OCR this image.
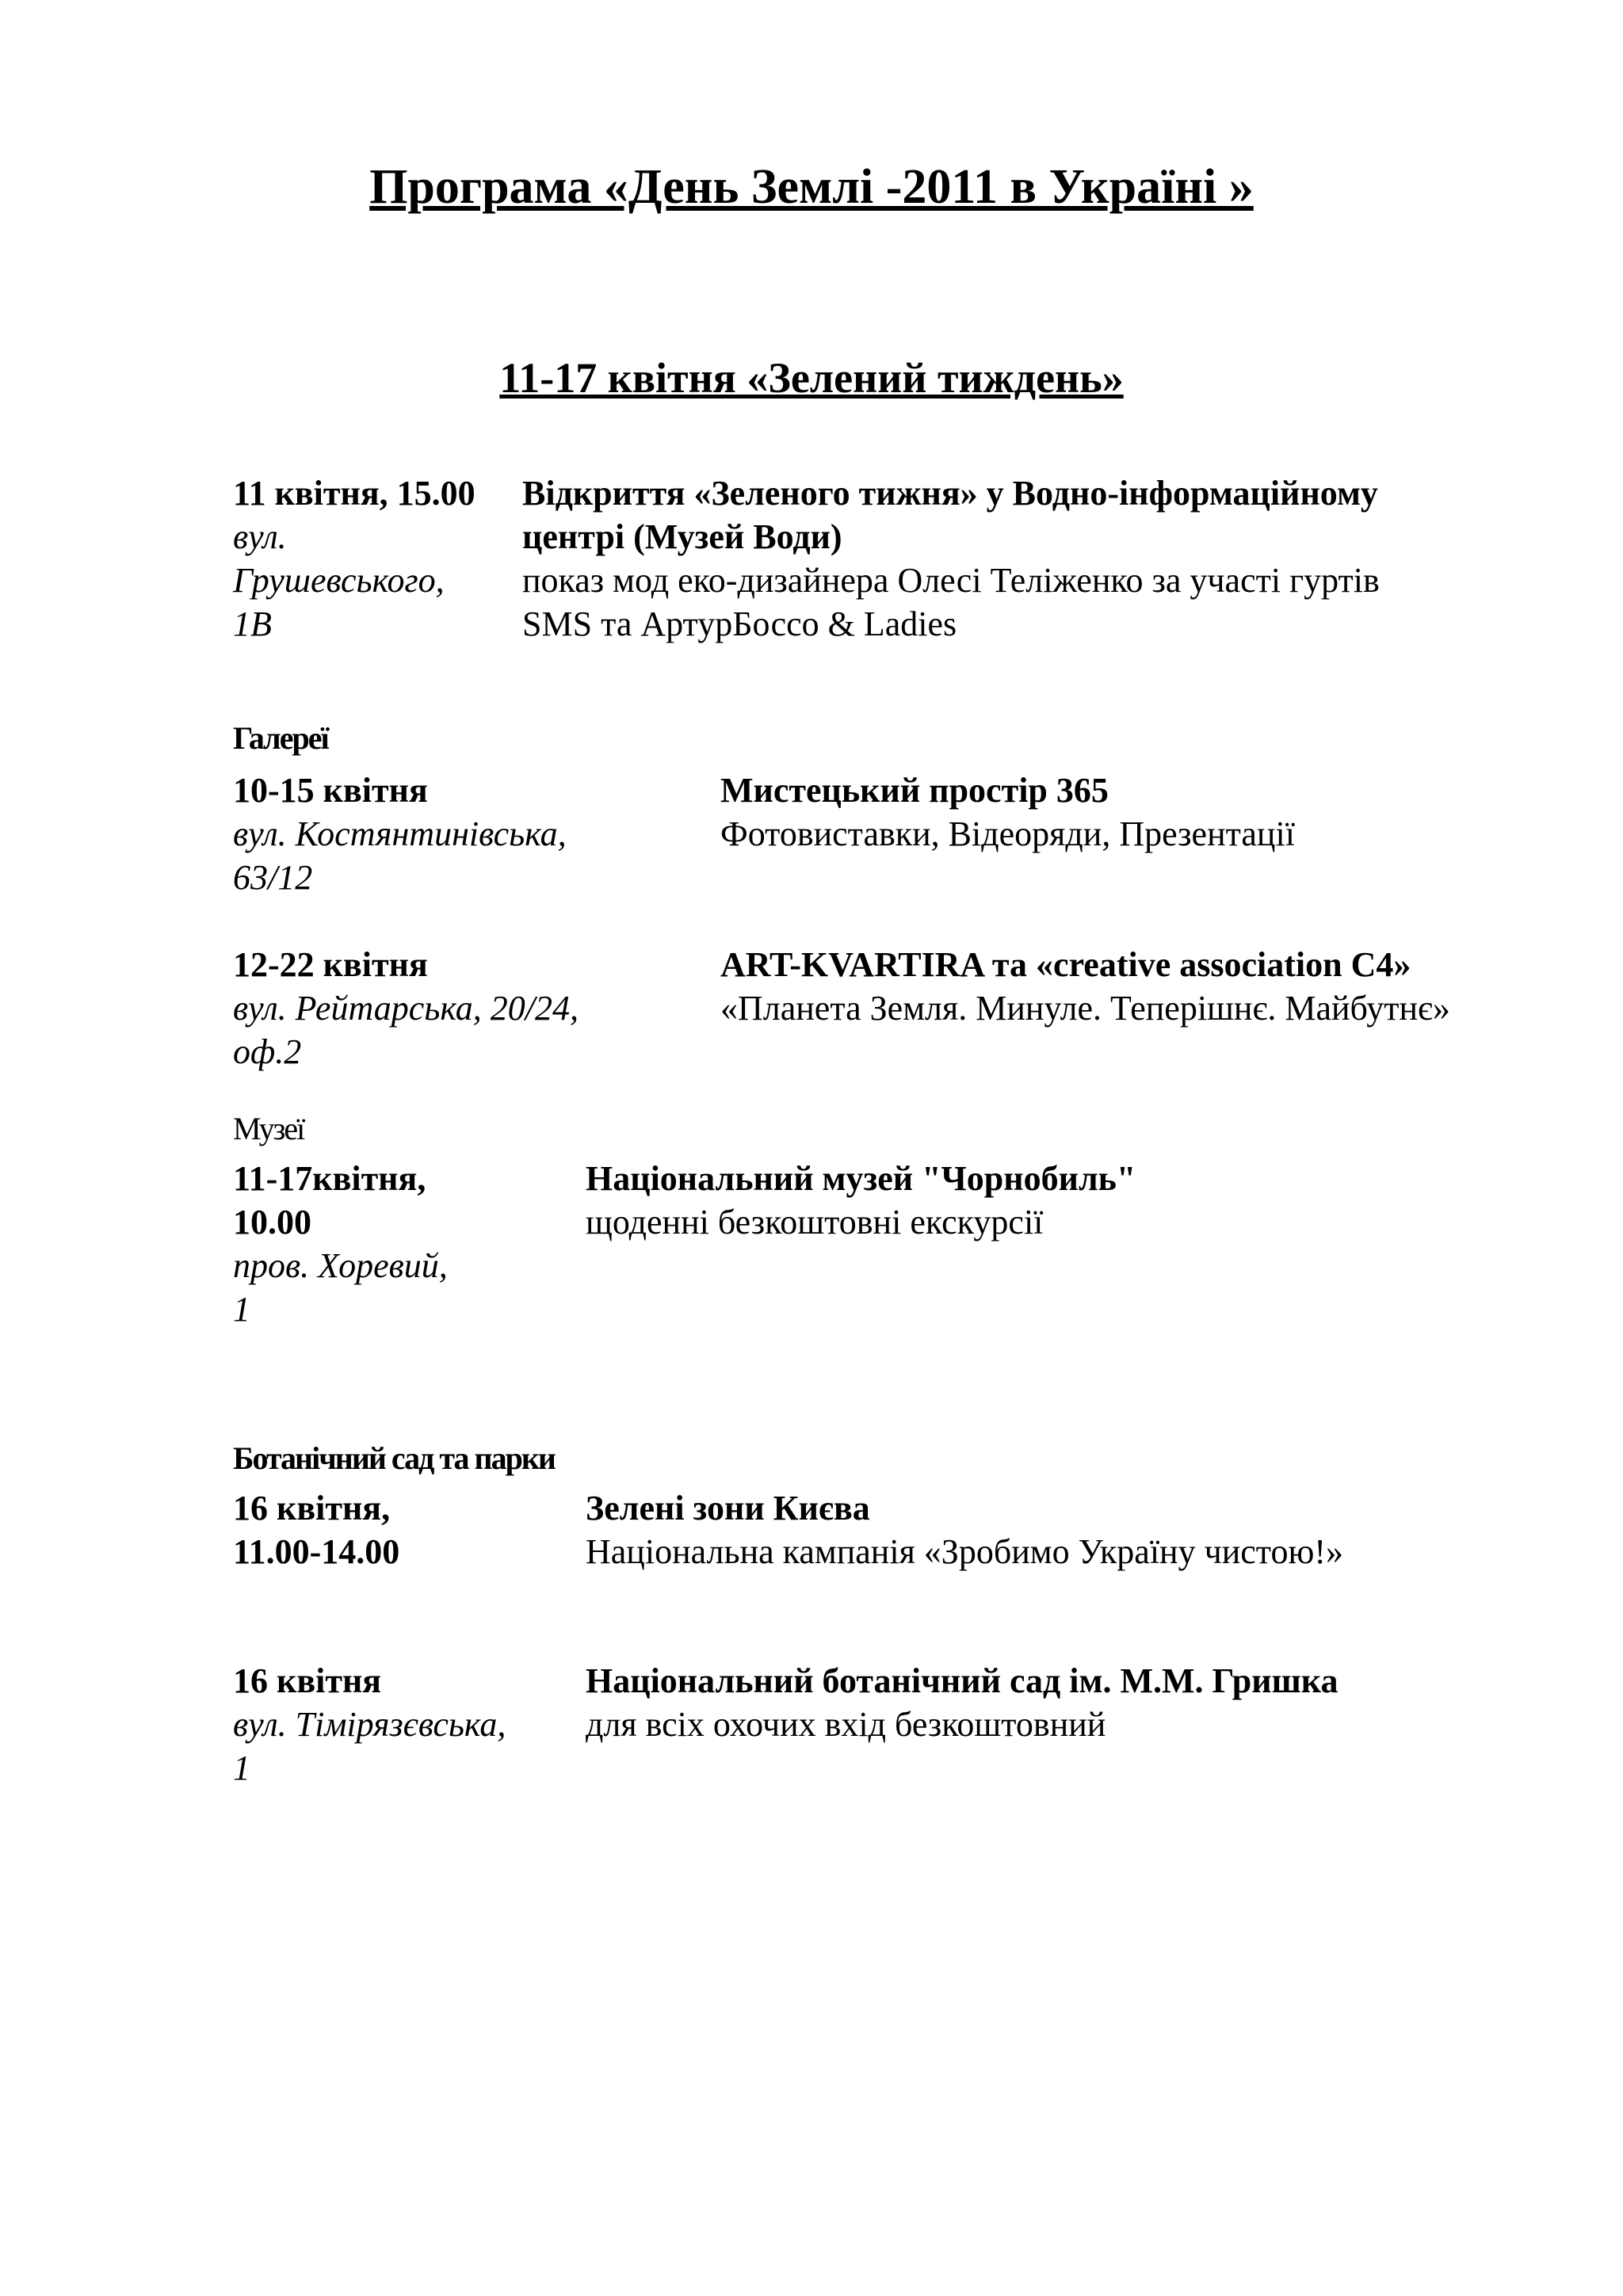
Програма «День Землі -2011 в Україні »
11-17 квітня «Зелений тиждень»
11 квітня, 15.00
вул.
Грушевського,
1В
Відкриття «Зеленого тижня» у Водно-інформаційному
центрі (Музей Води)
показ мод еко-дизайнера Олесі Теліженко за участі гуртів
SMS та АртурБоссо & Ladies

Галереї

10-15 квітня
вул. Костянтинівська,
63/12
Мистецький простір 365
Фотовиставки, Відеоряди, Презентації
12-22 квітня
вул. Рейтарська, 20/24,
оф.2
ART-KVARTIRA та «creative association C4»
«Планета Земля. Минуле. Теперішнє. Майбутнє»

Музеї

11-17квітня,
10.00
пров. Хоревий,
1
Національний музей "Чорнобиль"
щоденні безкоштовні екскурсії

Ботанічний сад та парки

16 квітня,
11.00-14.00
Зелені зони Києва
Національна кампанія «Зробимо Україну чистою!»
16 квітня
вул. Тімірязєвська,
1
Національний ботанічний сад ім. М.М. Гришка
для всіх охочих вхід безкоштовний
